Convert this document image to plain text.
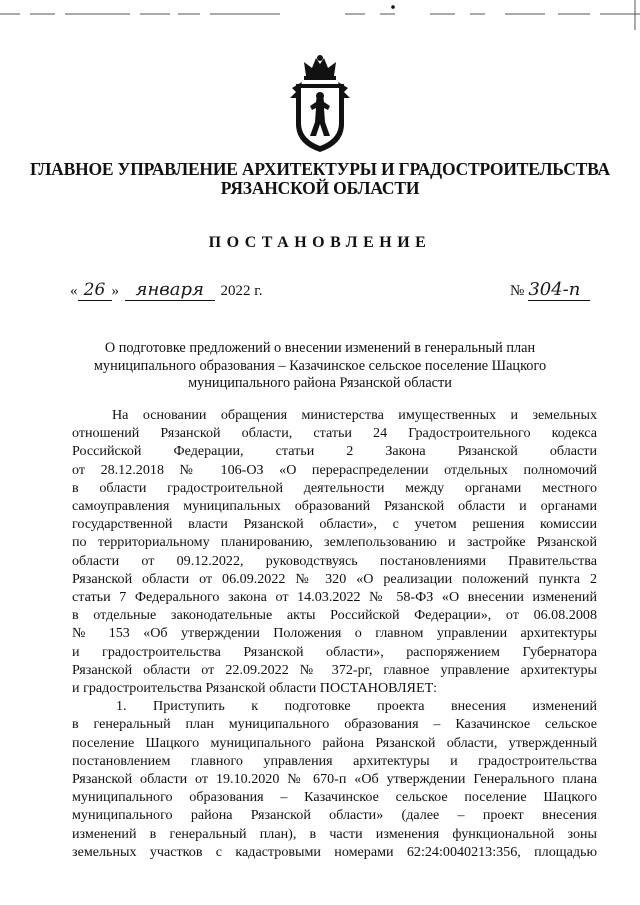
ГЛАВНОЕ УПРАВЛЕНИЕ АРХИТЕКТУРЫ И ГРАДОСТРОИТЕЛЬСТВА
РЯЗАНСКОЙ ОБЛАСТИ
ПОСТАНОВЛЕНИЕ
« 26 » января 2022 г.	№ 304-п
О подготовке предложений о внесении изменений в генеральный план
муниципального образования – Казачинское сельское поселение Шацкого
муниципального района Рязанской области
На основании обращения министерства имущественных и земельных
отношений Рязанской области, статьи 24 Градостроительного кодекса
Российской Федерации, статьи 2 Закона Рязанской области
от 28.12.2018 № 106-ОЗ «О перераспределении отдельных полномочий
в области градостроительной деятельности между органами местного
самоуправления муниципальных образований Рязанской области и органами
государственной власти Рязанской области», с учетом решения комиссии
по территориальному планированию, землепользованию и застройке Рязанской
области от 09.12.2022, руководствуясь постановлениями Правительства
Рязанской области от 06.09.2022 № 320 «О реализации положений пункта 2
статьи 7 Федерального закона от 14.03.2022 № 58-ФЗ «О внесении изменений
в отдельные законодательные акты Российской Федерации», от 06.08.2008
№ 153 «Об утверждении Положения о главном управлении архитектуры
и градостроительства Рязанской области», распоряжением Губернатора
Рязанской области от 22.09.2022 № 372-рг, главное управление архитектуры
и градостроительства Рязанской области ПОСТАНОВЛЯЕТ:
1. Приступить к подготовке проекта внесения изменений
в генеральный план муниципального образования – Казачинское сельское
поселение Шацкого муниципального района Рязанской области, утвержденный
постановлением главного управления архитектуры и градостроительства
Рязанской области от 19.10.2020 № 670-п «Об утверждении Генерального плана
муниципального образования – Казачинское сельское поселение Шацкого
муниципального района Рязанской области» (далее – проект внесения
изменений в генеральный план), в части изменения функциональной зоны
земельных участков с кадастровыми номерами 62:24:0040213:356, площадью
